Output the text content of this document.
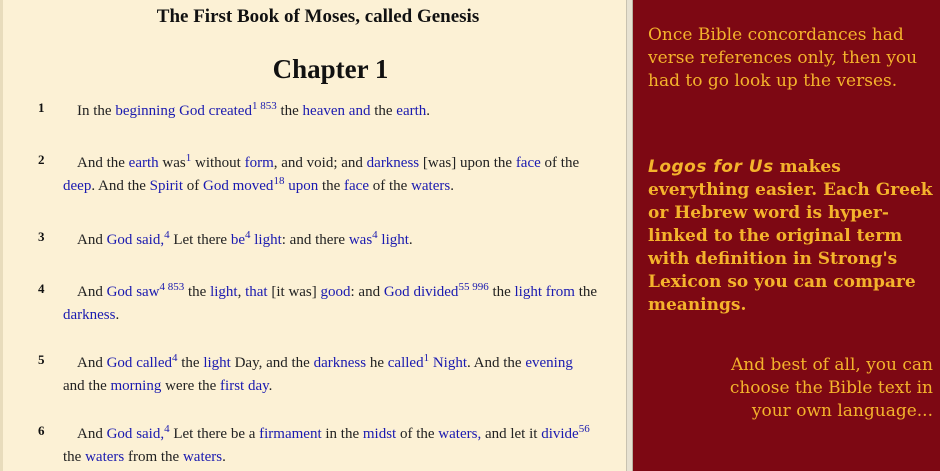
The First Book of Moses, called Genesis
Chapter 1
1	In the beginning God created$^{1 853}$ the heaven and the earth.
2	And the earth was$^1$ without form, and void; and darkness [was] upon the face of the deep. And the Spirit of God moved$^{18}$ upon the face of the waters.
3	And God said,$^4$ Let there $be^4$ light: and there was$^4$ light.
4	And God saw$^{4 853}$ the light, that [it was] good: and God divided$^{55 996}$ the light from the darkness.
5	And God called$^4$ the light Day, and the darkness he called$^1$ Night. And the evening and the morning were the first day.
6	And God said,$^4$ Let there be a firmament in the midst of the waters, and let it divide$^{56}$ the waters from the waters.
Once Bible concordances had verse references only, then you had to go look up the verses.
Logos for Us makes everything easier. Each Greek or Hebrew word is hyper-linked to the original term with definition in Strong's Lexicon so you can compare meanings.
And best of all, you can choose the Bible text in your own language...
